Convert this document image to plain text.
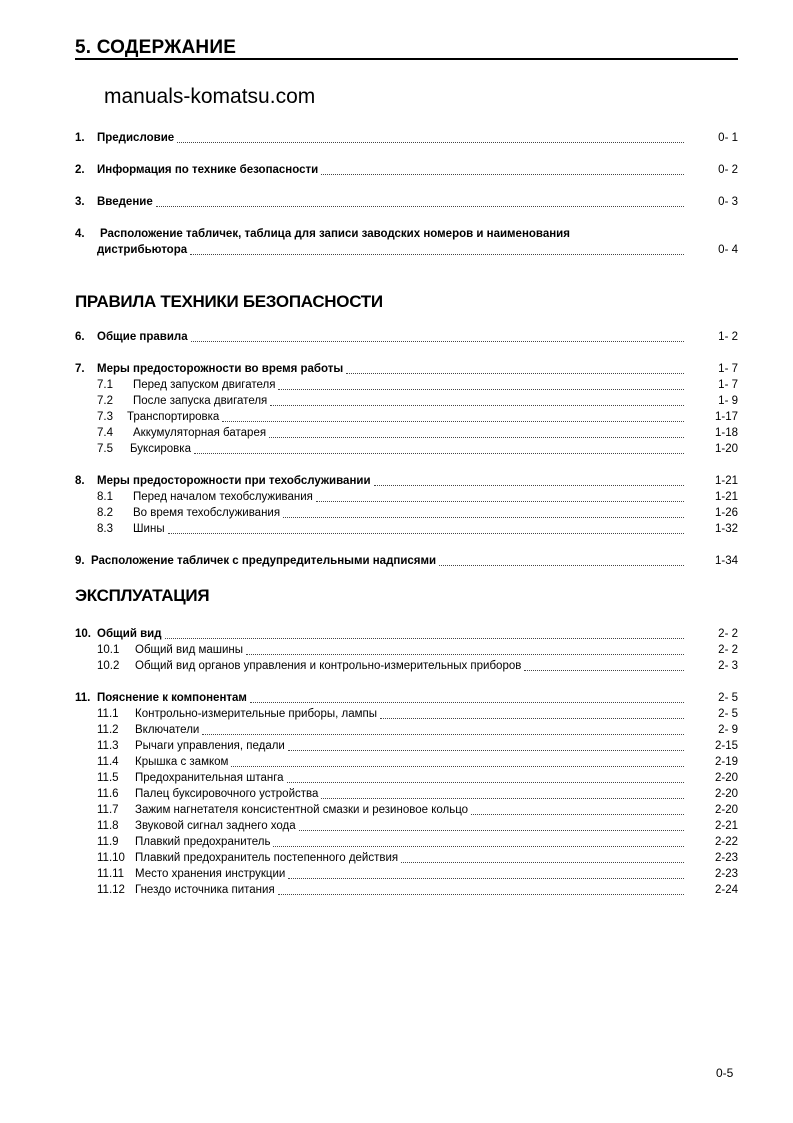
5. СОДЕРЖАНИЕ
manuals-komatsu.com
1.	Предисловие	0- 1
2.	Информация по технике безопасности	0- 2
3.	Введение	0- 3
4.	Расположение табличек, таблица для записи заводских номеров и наименования
дистрибьютора	0- 4
ПРАВИЛА ТЕХНИКИ БЕЗОПАСНОСТИ
6.	Общие правила	1- 2
7.	Меры предосторожности во время работы	1- 7
7.1	Перед запуском двигателя	1- 7
7.2	После запуска двигателя	1- 9
7.3	Транспортировка	1-17
7.4	Аккумуляторная батарея	1-18
7.5	Буксировка	1-20
8.	Меры предосторожности при техобслуживании	1-21
8.1	Перед началом техобслуживания	1-21
8.2	Во время техобслуживания	1-26
8.3	Шины	1-32
9. Расположение табличек с предупредительными надписями	1-34
ЭКСПЛУАТАЦИЯ
10. Общий вид	2- 2
10.1	Общий вид машины	2- 2
10.2	Общий вид органов управления и контрольно-измерительных приборов	2- 3
11. Пояснение к компонентам	2- 5
11.1	Контрольно-измерительные приборы, лампы	2- 5
11.2	Включатели	2- 9
11.3	Рычаги управления, педали	2-15
11.4	Крышка с замком	2-19
11.5	Предохранительная штанга	2-20
11.6	Палец буксировочного устройства	2-20
11.7	Зажим нагнетателя консистентной смазки и резиновое кольцо	2-20
11.8	Звуковой сигнал заднего хода	2-21
11.9	Плавкий предохранитель	2-22
11.10 Плавкий предохранитель постепенного действия	2-23
11.11 Место хранения инструкции	2-23
11.12 Гнездо источника питания	2-24
0-5
